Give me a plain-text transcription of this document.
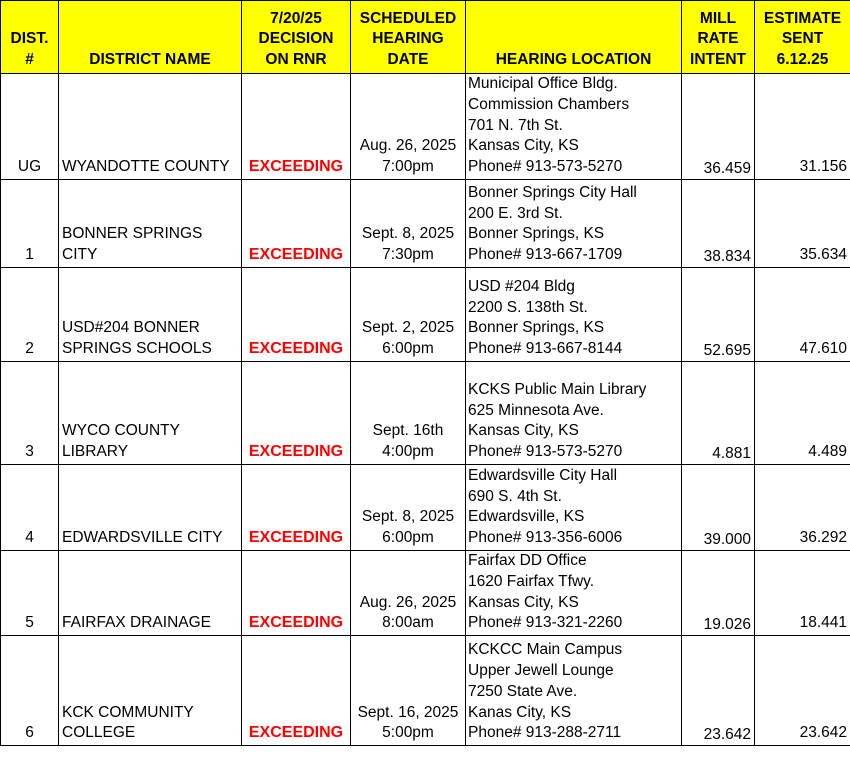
DIST.
#	DISTRICT NAME	7/20/25
DECISION
ON RNR	SCHEDULED
HEARING
DATE	HEARING LOCATION	MILL
RATE
INTENT	ESTIMATE
SENT
6.12.25

UG	WYANDOTTE COUNTY	EXCEEDING	Aug. 26, 2025
7:00pm	Municipal Office Bldg.
Commission Chambers
701 N. 7th St.
Kansas City, KS
Phone# 913-573-5270	36.459	31.156
1	BONNER SPRINGS
CITY	EXCEEDING	Sept. 8, 2025
7:30pm	Bonner Springs City Hall
200 E. 3rd St.
Bonner Springs, KS
Phone# 913-667-1709	38.834	35.634
2	USD#204 BONNER
SPRINGS SCHOOLS	EXCEEDING	Sept. 2, 2025
6:00pm	USD #204 Bldg
2200 S. 138th St.
Bonner Springs, KS
Phone# 913-667-8144	52.695	47.610
3	WYCO COUNTY
LIBRARY	EXCEEDING	Sept. 16th
4:00pm	KCKS Public Main Library
625 Minnesota Ave.
Kansas City, KS
Phone# 913-573-5270	4.881	4.489
4	EDWARDSVILLE CITY	EXCEEDING	Sept. 8, 2025
6:00pm	Edwardsville City Hall
690 S. 4th St.
Edwardsville, KS
Phone# 913-356-6006	39.000	36.292
5	FAIRFAX DRAINAGE	EXCEEDING	Aug. 26, 2025
8:00am	Fairfax DD Office
1620 Fairfax Tfwy.
Kansas City, KS
Phone# 913-321-2260	19.026	18.441
6	KCK COMMUNITY
COLLEGE	EXCEEDING	Sept. 16, 2025
5:00pm	KCKCC Main Campus
Upper Jewell Lounge
7250 State Ave.
Kanas City, KS
Phone# 913-288-2711	23.642	23.642
